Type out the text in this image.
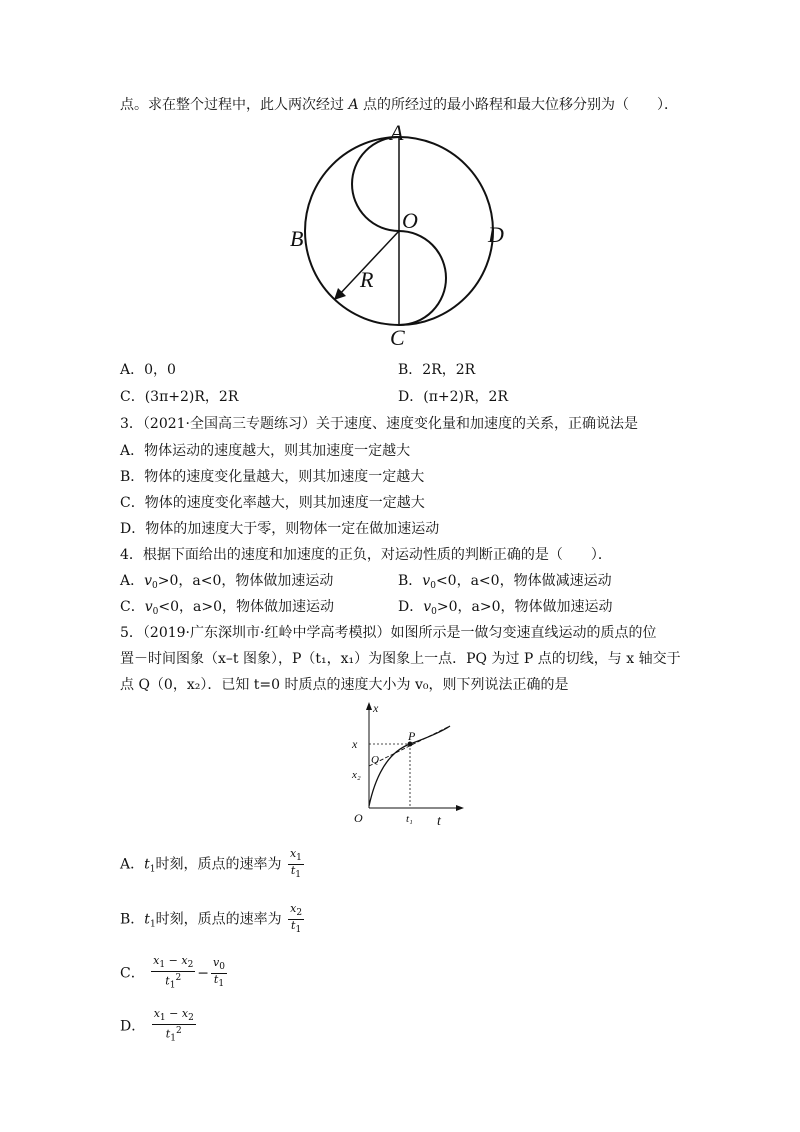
点。求在整个过程中，此人两次经过 A 点的所经过的最小路程和最大位移分别为（　　）．
A
B
C
D
O
R
A．0，0	B．2R，2R
C．(3π+2)R，2R	D．(π+2)R，2R
3．（2021·全国高三专题练习）关于速度、速度变化量和加速度的关系，正确说法是
A．物体运动的速度越大，则其加速度一定越大
B．物体的速度变化量越大，则其加速度一定越大
C．物体的速度变化率越大，则其加速度一定越大
D．物体的加速度大于零，则物体一定在做加速运动
4．根据下面给出的速度和加速度的正负，对运动性质的判断正确的是（　　）．
A．$v_0>0$，a<0，物体做加速运动	B．$v_0<0$，a<0，物体做减速运动
C．$v_0<0$，a>0，物体做加速运动	D．$v_0>0$，a>0，物体做加速运动
5．（2019·广东深圳市·红岭中学高考模拟）如图所示是一做匀变速直线运动的质点的位
置－时间图象（x–t 图象），P（t₁，x₁）为图象上一点．PQ 为过 P 点的切线，与 x 轴交于
点 Q（0，x₂）．已知 t=0 时质点的速度大小为 v₀，则下列说法正确的是
x
t
O
x
x₂
t₁
P
Q
A．$t_1$时刻，质点的速率为 $\frac{x_1}{t_1}$
B．$t_1$时刻，质点的速率为 $\frac{x_2}{t_1}$
C． $\frac{x_1 - x_2}{t_1^2} - \frac{v_0}{t_1}$
D． $\frac{x_1 - x_2}{t_1^2}$
